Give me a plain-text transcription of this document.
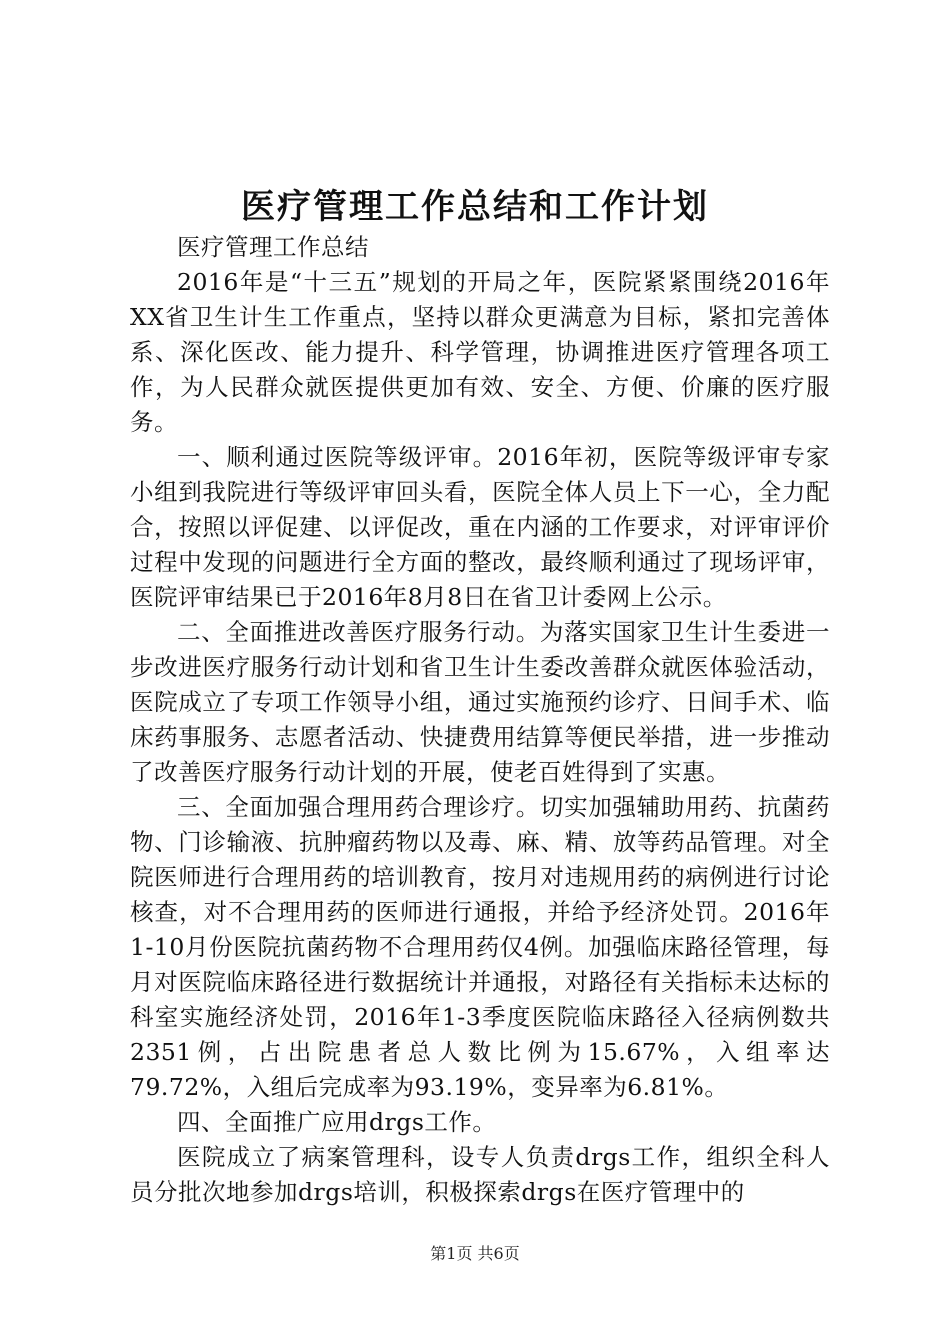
医疗管理工作总结和工作计划

医疗管理工作总结

2016年是“十三五”规划的开局之年，医院紧紧围绕2016年XX省卫生计生工作重点，坚持以群众更满意为目标，紧扣完善体系、深化医改、能力提升、科学管理，协调推进医疗管理各项工作，为人民群众就医提供更加有效、安全、方便、价廉的医疗服务。

一、顺利通过医院等级评审。2016年初，医院等级评审专家小组到我院进行等级评审回头看，医院全体人员上下一心，全力配合，按照以评促建、以评促改，重在内涵的工作要求，对评审评价过程中发现的问题进行全方面的整改，最终顺利通过了现场评审，医院评审结果已于2016年8月8日在省卫计委网上公示。

二、全面推进改善医疗服务行动。为落实国家卫生计生委进一步改进医疗服务行动计划和省卫生计生委改善群众就医体验活动，医院成立了专项工作领导小组，通过实施预约诊疗、日间手术、临床药事服务、志愿者活动、快捷费用结算等便民举措，进一步推动了改善医疗服务行动计划的开展，使老百姓得到了实惠。

三、全面加强合理用药合理诊疗。切实加强辅助用药、抗菌药物、门诊输液、抗肿瘤药物以及毒、麻、精、放等药品管理。对全院医师进行合理用药的培训教育，按月对违规用药的病例进行讨论核查，对不合理用药的医师进行通报，并给予经济处罚。2016年1-10月份医院抗菌药物不合理用药仅4例。加强临床路径管理，每月对医院临床路径进行数据统计并通报，对路径有关指标未达标的科室实施经济处罚，2016年1-3季度医院临床路径入径病例数共2351例，占出院患者总人数比例为15.67%，入组率达79.72%，入组后完成率为93.19%，变异率为6.81%。

四、全面推广应用drgs工作。

医院成立了病案管理科，设专人负责drgs工作，组织全科人员分批次地参加drgs培训，积极探索drgs在医疗管理中的

第1页 共6页
